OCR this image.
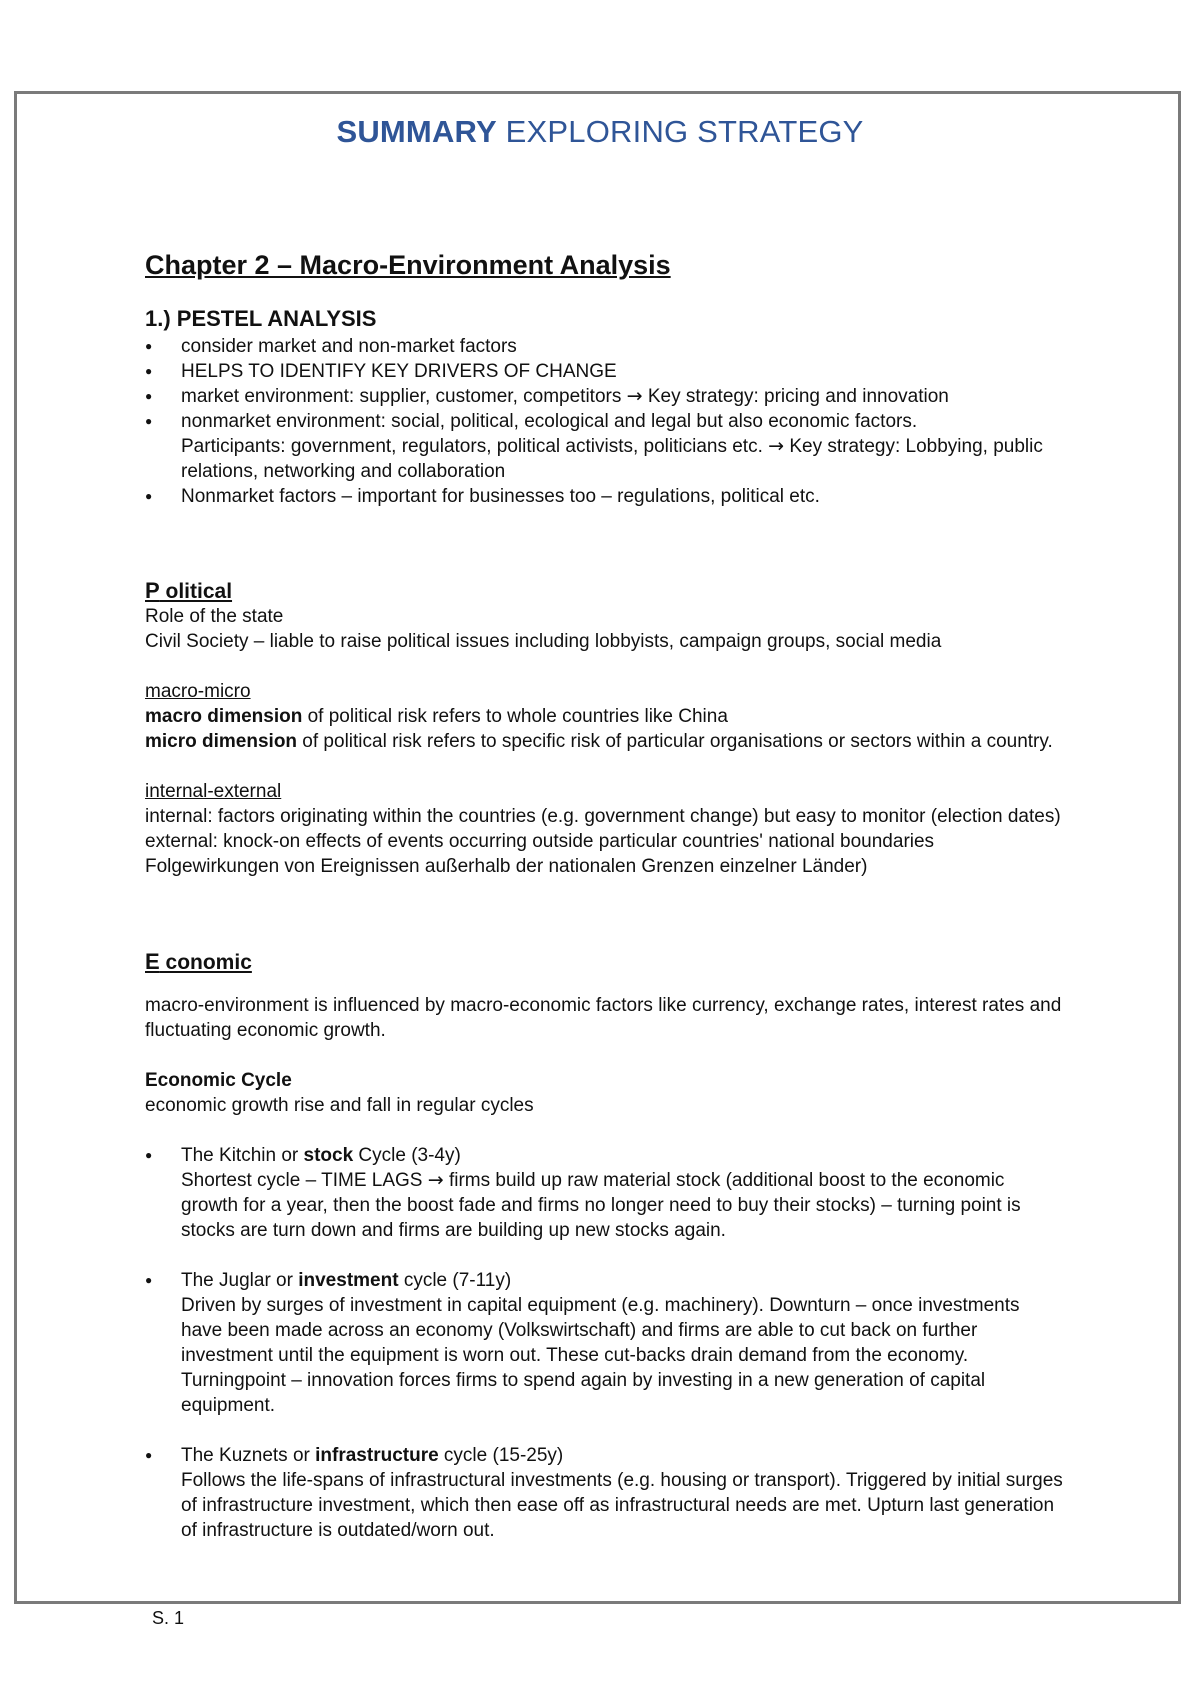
SUMMARY EXPLORING STRATEGY
Chapter 2 – Macro-Environment Analysis
1.) PESTEL ANALYSIS
● consider market and non-market factors
● HELPS TO IDENTIFY KEY DRIVERS OF CHANGE
● market environment: supplier, customer, competitors → Key strategy: pricing and innovation
● nonmarket environment: social, political, ecological and legal but also economic factors.
Participants: government, regulators, political activists, politicians etc. → Key strategy: Lobbying, public relations, networking and collaboration
● Nonmarket factors – important for businesses too – regulations, political etc.

P olitical

Role of the state

Civil Society – liable to raise political issues including lobbyists, campaign groups, social media

macro-micro

macro dimension of political risk refers to whole countries like China

micro dimension of political risk refers to specific risk of particular organisations or sectors within a country.

internal-external

internal: factors originating within the countries (e.g. government change) but easy to monitor (election dates)

external: knock-on effects of events occurring outside particular countries' national boundaries

Folgewirkungen von Ereignissen außerhalb der nationalen Grenzen einzelner Länder)

E conomic

macro-environment is influenced by macro-economic factors like currency, exchange rates, interest rates and fluctuating economic growth.

Economic Cycle

economic growth rise and fall in regular cycles

● The Kitchin or stock Cycle (3-4y)
Shortest cycle – TIME LAGS → firms build up raw material stock (additional boost to the economic growth for a year, then the boost fade and firms no longer need to buy their stocks) – turning point is stocks are turn down and firms are building up new stocks again.
● The Juglar or investment cycle (7-11y)
Driven by surges of investment in capital equipment (e.g. machinery). Downturn – once investments have been made across an economy (Volkswirtschaft) and firms are able to cut back on further investment until the equipment is worn out. These cut-backs drain demand from the economy. Turningpoint – innovation forces firms to spend again by investing in a new generation of capital equipment.
● The Kuznets or infrastructure cycle (15-25y)
Follows the life-spans of infrastructural investments (e.g. housing or transport). Triggered by initial surges of infrastructure investment, which then ease off as infrastructural needs are met. Upturn last generation of infrastructure is outdated/worn out.
S. 1
